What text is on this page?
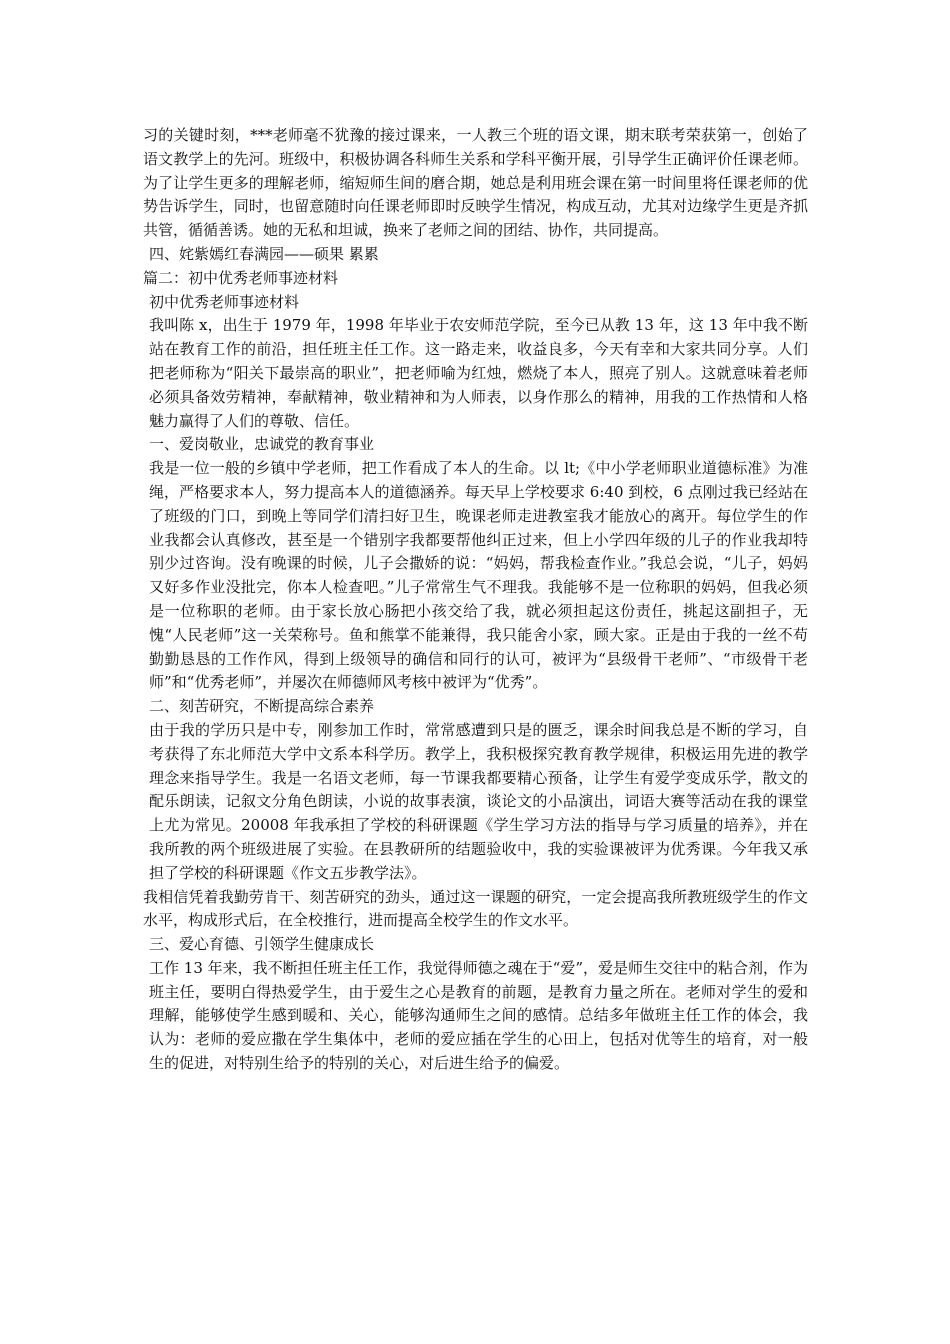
习的关键时刻，***老师毫不犹豫的接过课来，一人教三个班的语文课，期末联考荣获第一，创始了语文教学上的先河。班级中，积极协调各科师生关系和学科平衡开展，引导学生正确评价任课老师。为了让学生更多的理解老师，缩短师生间的磨合期，她总是利用班会课在第一时间里将任课老师的优势告诉学生，同时，也留意随时向任课老师即时反映学生情况，构成互动，尤其对边缘学生更是齐抓共管，循循善诱。她的无私和坦诚，换来了老师之间的团结、协作，共同提高。

四、姹紫嫣红春满园——硕果 累累

篇二：初中优秀老师事迹材料

初中优秀老师事迹材料

我叫陈 x，出生于 1979 年，1998 年毕业于农安师范学院，至今已从教 13 年，这 13 年中我不断站在教育工作的前沿，担任班主任工作。这一路走来，收益良多，今天有幸和大家共同分享。人们把老师称为“阳关下最崇高的职业”，把老师喻为红烛，燃烧了本人，照亮了别人。这就意味着老师必须具备效劳精神，奉献精神，敬业精神和为人师表，以身作那么的精神，用我的工作热情和人格魅力赢得了人们的尊敬、信任。

一、爱岗敬业，忠诚党的教育事业

我是一位一般的乡镇中学老师，把工作看成了本人的生命。以 lt;《中小学老师职业道德标准》为准绳，严格要求本人，努力提高本人的道德涵养。每天早上学校要求 6:40 到校，6 点刚过我已经站在了班级的门口，到晚上等同学们清扫好卫生，晚课老师走进教室我才能放心的离开。每位学生的作业我都会认真修改，甚至是一个错别字我都要帮他纠正过来，但上小学四年级的儿子的作业我却特别少过咨询。没有晚课的时候，儿子会撒娇的说：“妈妈，帮我检查作业。”我总会说，“儿子，妈妈又好多作业没批完，你本人检查吧。”儿子常常生气不理我。我能够不是一位称职的妈妈，但我必须是一位称职的老师。由于家长放心肠把小孩交给了我，就必须担起这份责任，挑起这副担子，无愧“人民老师”这一关荣称号。鱼和熊掌不能兼得，我只能舍小家，顾大家。正是由于我的一丝不苟勤勤恳恳的工作作风，得到上级领导的确信和同行的认可，被评为“县级骨干老师”、“市级骨干老师”和“优秀老师”，并屡次在师德师风考核中被评为“优秀”。

二、刻苦研究，不断提高综合素养

由于我的学历只是中专，刚参加工作时，常常感遭到只是的匮乏，课余时间我总是不断的学习，自考获得了东北师范大学中文系本科学历。教学上，我积极探究教育教学规律，积极运用先进的教学理念来指导学生。我是一名语文老师，每一节课我都要精心预备，让学生有爱学变成乐学，散文的配乐朗读，记叙文分角色朗读，小说的故事表演，谈论文的小品演出，词语大赛等活动在我的课堂上尤为常见。20008 年我承担了学校的科研课题《学生学习方法的指导与学习质量的培养》，并在我所教的两个班级进展了实验。在县教研所的结题验收中，我的实验课被评为优秀课。今年我又承担了学校的科研课题《作文五步教学法》。

我相信凭着我勤劳肯干、刻苦研究的劲头，通过这一课题的研究，一定会提高我所教班级学生的作文水平，构成形式后，在全校推行，进而提高全校学生的作文水平。

三、爱心育德、引领学生健康成长

工作 13 年来，我不断担任班主任工作，我觉得师德之魂在于“爱”，爱是师生交往中的粘合剂，作为班主任，要明白得热爱学生，由于爱生之心是教育的前题，是教育力量之所在。老师对学生的爱和理解，能够使学生感到暖和、关心，能够沟通师生之间的感情。总结多年做班主任工作的体会，我认为：老师的爱应撒在学生集体中，老师的爱应插在学生的心田上，包括对优等生的培育，对一般生的促进，对特别生给予的特别的关心，对后进生给予的偏爱。
